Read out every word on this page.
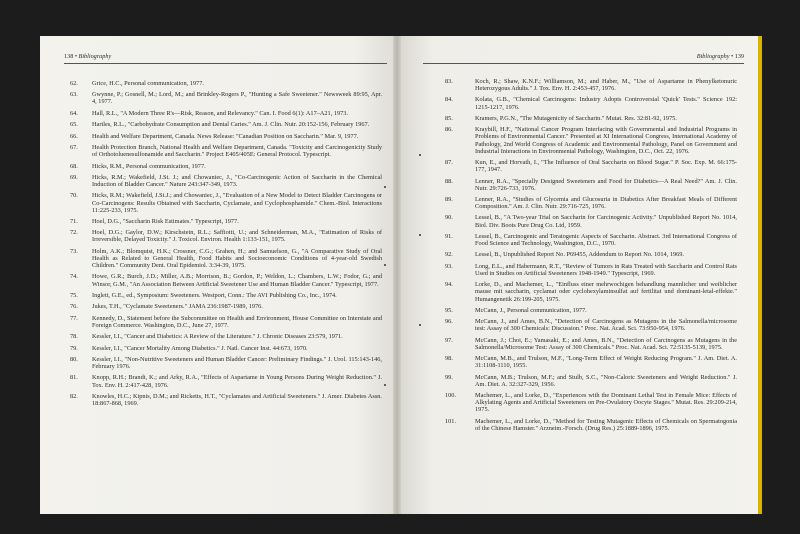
138 • Bibliography
62.	Grice, H.C., Personal communication, 1977.
63.	Gwynne, P.; Gosnell, M.; Lord, M.; and Brinkley-Rogers P., "Hunting a Safe Sweetener." Newsweek 89:95, Apr. 4, 1977.
64.	Hall, R.L., "A Modern Three R's—Risk, Reason, and Relevancy." Can. I. Food 6(1): A17–A21, 1973.
65.	Hartles, R.L., "Carbohydrate Consumption and Dental Caries." Am. J. Clin. Nutr. 20:152-156, February 1967.
66.	Health and Welfare Department, Canada. News Release: "Canadian Position on Saccharin." Mar. 9, 1977.
67.	Health Protection Branch, National Health and Welfare Department, Canada. "Toxicity and Carcinogenicity Study of Orthotoluenesulfonamide and Saccharin." Project E405/405E: General Protocol. Typescript.
68.	Hicks, R.M., Personal communication, 1977.
69.	Hicks, R.M.; Wakefield, J.St. J.; and Chowaniec, J., "Co-Carcinogenic Action of Saccharin in the Chemical Induction of Bladder Cancer." Nature 243:347-349, 1973.
70.	Hicks, R.M.; Wakefield, J.St.J.; and Chowaniec, J., "Evaluation of a New Model to Detect Bladder Carcinogens or Co-Carcinogens: Results Obtained with Saccharin, Cyclamate, and Cyclophosphamide." Chem.-Biol. Interactions 11:225-233, 1975.
71.	Hoel, D.G., "Saccharin Risk Estimates." Typescript, 1977.
72.	Hoel, D.G.; Gaylor, D.W.; Kirschstein, R.L.; Saffiotti, U.; and Schneiderman, M.A., "Estimation of Risks of Irreversible, Delayed Toxicity." J. Toxicol. Environ. Health 1:133-151, 1975.
73.	Holm, A.K.; Blomquist, H.K.; Crossner, C.G.; Grahen, H.; and Samuelson, G., "A Comparative Study of Oral Health as Related to General Health, Food Habits and Socioeconomic Conditions of 4-year-old Swedish Children." Community Dent. Oral Epidemiol. 3:34-39, 1975.
74.	Howe, G.R.; Burch, J.D.; Miller, A.B.; Morrison, B.; Gordon, P.; Weldon, L.; Chambers, L.W.; Fodor, G.; and Winsor, G.M., "An Association Between Artificial Sweetener Use and Human Bladder Cancer." Typescript, 1977.
75.	Inglett, G.E., ed., Symposium: Sweeteners. Westport, Conn.: The AVI Publishing Co., Inc., 1974.
76.	Jukes, T.H., "Cyclamate Sweeteners." JAMA 236:1987-1989, 1976.
77.	Kennedy, D., Statement before the Subcommittee on Health and Environment, House Committee on Interstate and Foreign Commerce. Washington, D.C., June 27, 1977.
78.	Kessler, I.I., "Cancer and Diabetics: A Review of the Literature." J. Chronic Diseases 23:579, 1971.
79.	Kessler, I.I., "Cancer Mortality Among Diabetics." J. Natl. Cancer Inst. 44:673, 1970.
80.	Kessler, I.I., "Non-Nutritive Sweeteners and Human Bladder Cancer: Preliminary Findings." J. Urol. 115:143-146, February 1976.
81.	Knopp, R.H.; Brandt, K.; and Arky, R.A., "Effects of Aspartame in Young Persons During Weight Reduction." J. Tox. Env. H. 2:417-428, 1976.
82.	Knowles, H.C.; Kipnis, D.M.; and Ricketts, H.T., "Cyclamates and Artificial Sweeteners." J. Amer. Diabetes Assn. 18:867-868, 1969.
Bibliography • 139
83.	Koch, R.; Shaw, K.N.F.; Williamson, M.; and Haber, M., "Use of Aspartame in Phenylketonuric Heterozygous Adults." J. Tox. Env. H. 2:453-457, 1976.
84.	Kolata, G.B., "Chemical Carcinogens: Industry Adopts Controversial 'Quick' Tests." Science 192: 1215-1217, 1976.
85.	Kramers, P.G.N., "The Mutagenicity of Saccharin." Mutat. Res. 32:81-92, 1975.
86.	Kraybill, H.F., "National Cancer Program Interfacing with Governmental and Industrial Programs in Problems of Environmental Cancer." Presented at XI International Congress, International Academy of Pathology, 2nd World Congress of Academic and Environmental Pathology, Panel on Government and Industrial Interactions in Environmental Pathology, Washington, D.C., Oct. 22, 1976.
87.	Kun, E., and Horvath, I., "The Influence of Oral Saccharin on Blood Sugar." P. Soc. Exp. M. 66:175-177, 1947.
88.	Lenner, R.A., "Specially Designed Sweeteners and Food for Diabetics—A Real Need?" Am. J. Clin. Nutr. 29:726-733, 1976.
89.	Lenner, R.A., "Studies of Glycemia and Glucosuria in Diabetics After Breakfast Meals of Different Composition." Am. J. Clin. Nutr. 29:716-725, 1976.
90.	Lessel, B., "A Two-year Trial on Saccharin for Carcinogenic Activity." Unpublished Report No. 1014, Biol. Div. Boots Pure Drug Co. Ltd, 1959.
91.	Lessel, B., Carcinogenic and Teratogenic Aspects of Saccharin. Abstract. 3rd International Congress of Food Science and Technology, Washington, D.C., 1970.
92.	Lessel, B., Unpublished Report No. P69455, Addendum to Report No. 1014, 1969.
93.	Long, E.L., and Habermann, R.T., "Review of Tumors in Rats Treated with Saccharin and Control Rats Used in Studies on Artificial Sweeteners 1948-1949." Typescript, 1969.
94.	Lorke, D., and Machemer, L., "Einfluss einer mehrwochigen behandlung mannlicher und weiblicher mause mit saccharin, cyclamat oder cyclohexylaminsulfat auf fertilitat und dominant-letal-effekte." Humangenetik 26:199-205, 1975.
95.	McCann, J., Personal communication, 1977.
96.	McCann, J., and Ames, B.N., "Detection of Carcinogens as Mutagens in the Salmonella/microsome test: Assay of 300 Chemicals: Discussion." Proc. Nat. Acad. Sci. 73:950-954, 1976.
97.	McCann, J.; Choi, E.; Yamasaki, E.; and Ames, B.N., "Detection of Carcinogens as Mutagens in the Salmonella/Microsome Test: Assay of 300 Chemicals." Proc. Nat. Acad. Sci. 72:5135-5139, 1975.
98.	McCann, M.B., and Trulson, M.F., "Long-Term Effect of Weight Reducing Program." J. Am. Diet. A. 31:1108-1110, 1955.
99.	McCann, M.B.; Trulson, M.F.; and Stulb, S.C., "Non-Caloric Sweeteners and Weight Reduction." J. Am. Diet. A. 32:327-329, 1956.
100.	Machemer, L., and Lorke, D., "Experiences with the Dominant Lethal Test in Female Mice: Effects of Alkylating Agents and Artificial Sweeteners on Pre-Ovulatory Oocyte Stages." Mutat. Res. 29:209-214, 1975.
101.	Machemer, L., and Lorke, D., "Method for Testing Mutagenic Effects of Chemicals on Spermatogonia of the Chinese Hamster." Arzneim.-Forsch. (Drug Res.) 25:1889-1896, 1975.
